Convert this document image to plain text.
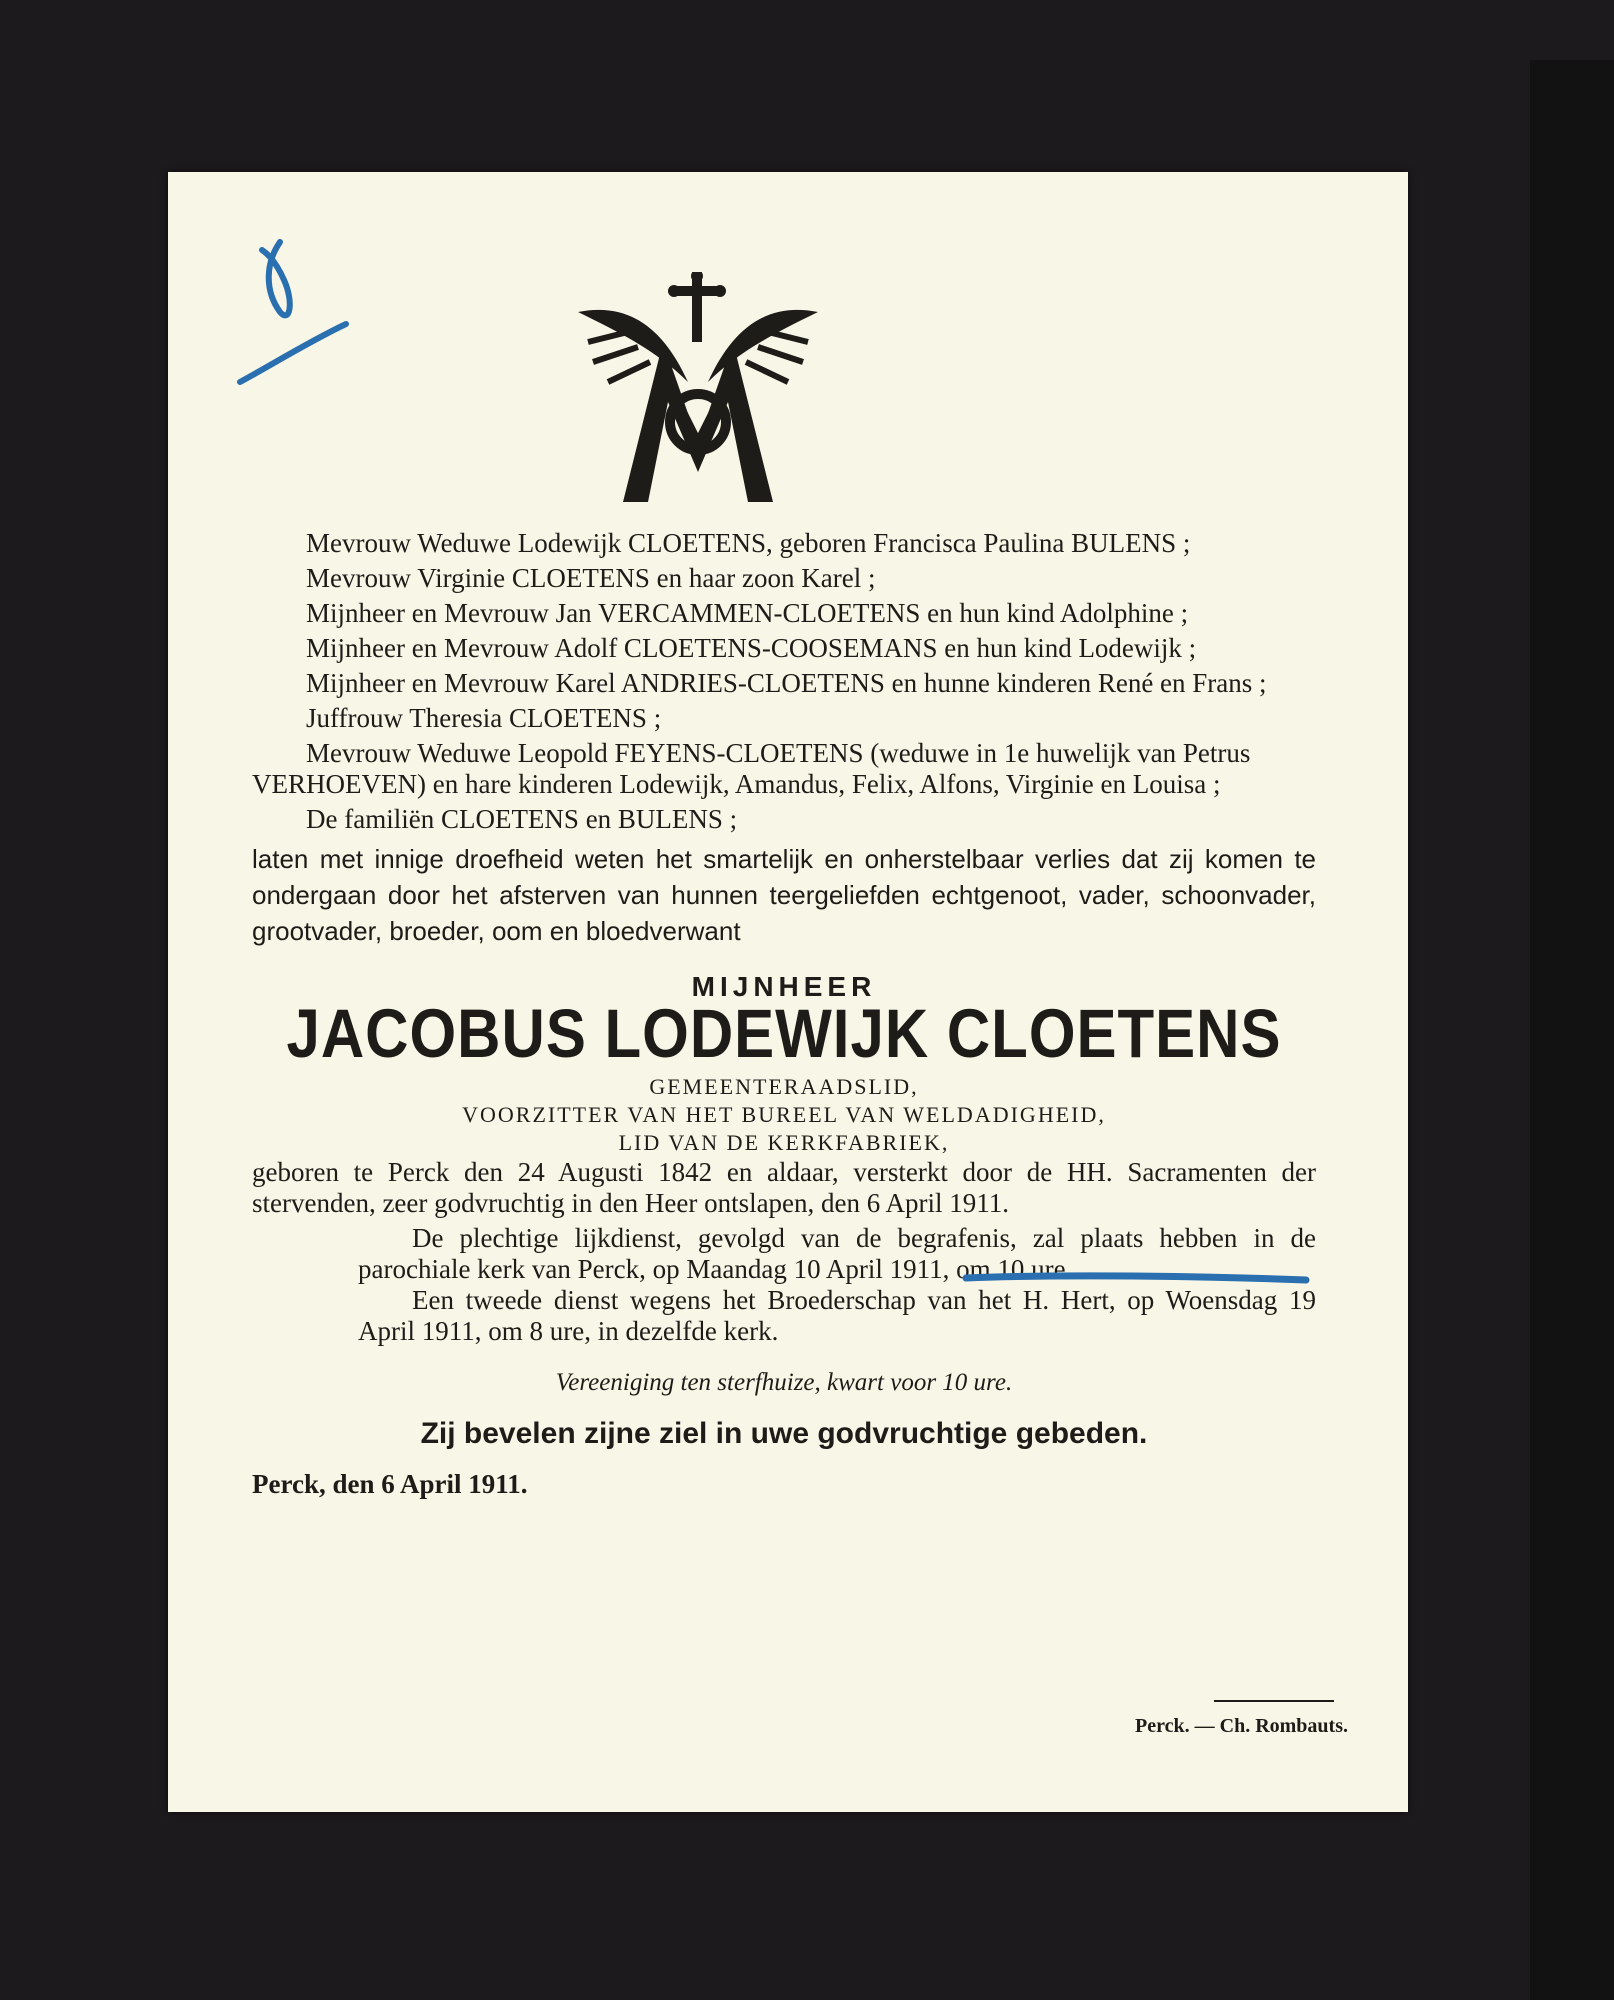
Mevrouw Weduwe Lodewijk CLOETENS, geboren Francisca Paulina BULENS ;

Mevrouw Virginie CLOETENS en haar zoon Karel ;

Mijnheer en Mevrouw Jan VERCAMMEN-CLOETENS en hun kind Adolphine ;

Mijnheer en Mevrouw Adolf CLOETENS-COOSEMANS en hun kind Lodewijk ;

Mijnheer en Mevrouw Karel ANDRIES-CLOETENS en hunne kinderen René en Frans ;

Juffrouw Theresia CLOETENS ;

Mevrouw Weduwe Leopold FEYENS-CLOETENS (weduwe in 1e huwelijk van Petrus VERHOEVEN) en hare kinderen Lodewijk, Amandus, Felix, Alfons, Virginie en Louisa ;

De familiën CLOETENS en BULENS ;

laten met innige droefheid weten het smartelijk en onherstelbaar verlies dat zij komen te ondergaan door het afsterven van hunnen teergeliefden echtgenoot, vader, schoonvader, grootvader, broeder, oom en bloedverwant

MIJNHEER
JACOBUS LODEWIJK CLOETENS
GEMEENTERAADSLID,
VOORZITTER VAN HET BUREEL VAN WELDADIGHEID,
LID VAN DE KERKFABRIEK,

geboren te Perck den 24 Augusti 1842 en aldaar, versterkt door de HH. Sacramenten der stervenden, zeer godvruchtig in den Heer ontslapen, den 6 April 1911.

De plechtige lijkdienst, gevolgd van de begrafenis, zal plaats hebben in de parochiale kerk van Perck, op Maandag 10 April 1911, om 10 ure.

Een tweede dienst wegens het Broederschap van het H. Hert, op Woensdag 19 April 1911, om 8 ure, in dezelfde kerk.

Vereeniging ten sterfhuize, kwart voor 10 ure.
Zij bevelen zijne ziel in uwe godvruchtige gebeden.
Perck, den 6 April 1911.
Perck. — Ch. Rombauts.
